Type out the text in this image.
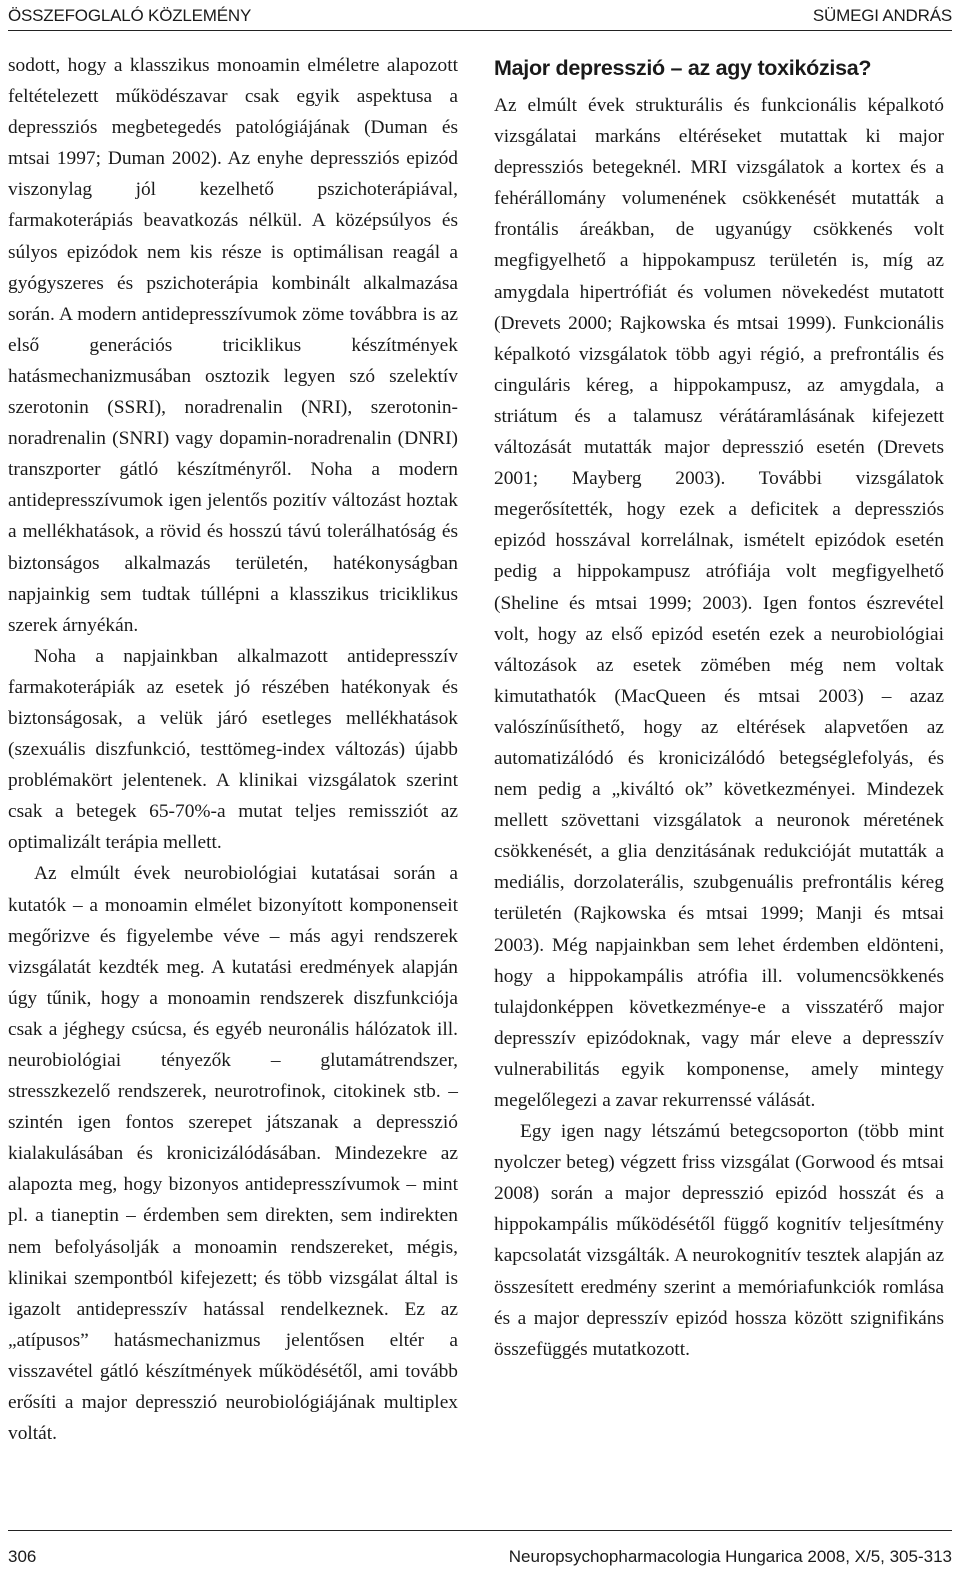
ÖSSZEFOGLALÓ KÖZLEMÉNY	SÜMEGI ANDRÁS

sodott, hogy a klasszikus monoamin elméletre alapozott feltételezett működészavar csak egyik aspektusa a depressziós megbetegedés patológiájának (Duman és mtsai 1997; Duman 2002). Az enyhe depressziós epizód viszonylag jól kezelhető pszichoterápiával, farmakoterápiás beavatkozás nélkül. A középsúlyos és súlyos epizódok nem kis része is optimálisan reagál a gyógyszeres és pszichoterápia kombinált alkalmazása során. A modern antidepresszívumok zöme továbbra is az első generációs triciklikus készítmények hatásmechanizmusában osztozik legyen szó szelektív szerotonin (SSRI), noradrenalin (NRI), szerotonin-noradrenalin (SNRI) vagy dopamin-noradrenalin (DNRI) transzporter gátló készítményről. Noha a modern antidepresszívumok igen jelentős pozitív változást hoztak a mellékhatások, a rövid és hosszú távú tolerálhatóság és biztonságos alkalmazás területén, hatékonyságban napjainkig sem tudtak túllépni a klasszikus triciklikus szerek árnyékán.

Noha a napjainkban alkalmazott antidepresszív farmakoterápiák az esetek jó részében hatékonyak és biztonságosak, a velük járó esetleges mellékhatások (szexuális diszfunkció, testtömeg-index változás) újabb problémakört jelentenek. A klinikai vizsgálatok szerint csak a betegek 65-70%-a mutat teljes remissziót az optimalizált terápia mellett.

Az elmúlt évek neurobiológiai kutatásai során a kutatók – a monoamin elmélet bizonyított komponenseit megőrizve és figyelembe véve – más agyi rendszerek vizsgálatát kezdték meg. A kutatási eredmények alapján úgy tűnik, hogy a monoamin rendszerek diszfunkciója csak a jéghegy csúcsa, és egyéb neuronális hálózatok ill. neurobiológiai tényezők – glutamátrendszer, stresszkezelő rendszerek, neurotrofinok, citokinek stb. – szintén igen fontos szerepet játszanak a depresszió kialakulásában és kronicizálódásában. Mindezekre az alapozta meg, hogy bizonyos antidepresszívumok – mint pl. a tianeptin – érdemben sem direkten, sem indirekten nem befolyásolják a monoamin rendszereket, mégis, klinikai szempontból kifejezett; és több vizsgálat által is igazolt antidepresszív hatással rendelkeznek. Ez az „atípusos” hatásmechanizmus jelentősen eltér a visszavétel gátló készítmények működésétől, ami tovább erősíti a major depresszió neurobiológiájának multiplex voltát.

Major depresszió – az agy toxikózisa?

Az elmúlt évek strukturális és funkcionális képalkotó vizsgálatai markáns eltéréseket mutattak ki major depressziós betegeknél. MRI vizsgálatok a kortex és a fehérállomány volumenének csökkenését mutatták a frontális áreákban, de ugyanúgy csökkenés volt megfigyelhető a hippokampusz területén is, míg az amygdala hipertrófiát és volumen növekedést mutatott (Drevets 2000; Rajkowska és mtsai 1999). Funkcionális képalkotó vizsgálatok több agyi régió, a prefrontális és cinguláris kéreg, a hippokampusz, az amygdala, a striátum és a talamusz vérátáramlásának kifejezett változását mutatták major depresszió esetén (Drevets 2001; Mayberg 2003). További vizsgálatok megerősítették, hogy ezek a deficitek a depressziós epizód hosszával korrelálnak, ismételt epizódok esetén pedig a hippokampusz atrófiája volt megfigyelhető (Sheline és mtsai 1999; 2003). Igen fontos észrevétel volt, hogy az első epizód esetén ezek a neurobiológiai változások az esetek zömében még nem voltak kimutathatók (MacQueen és mtsai 2003) – azaz valószínűsíthető, hogy az eltérések alapvetően az automatizálódó és kronicizálódó betegséglefolyás, és nem pedig a „kiváltó ok” következményei. Mindezek mellett szövettani vizsgálatok a neuronok méretének csökkenését, a glia denzitásának redukcióját mutatták a mediális, dorzolaterális, szubgenuális prefrontális kéreg területén (Rajkowska és mtsai 1999; Manji és mtsai 2003). Még napjainkban sem lehet érdemben eldönteni, hogy a hippokampális atrófia ill. volumencsökkenés tulajdonképpen következménye-e a visszatérő major depresszív epizódoknak, vagy már eleve a depresszív vulnerabilitás egyik komponense, amely mintegy megelőlegezi a zavar rekurrenssé válását.

Egy igen nagy létszámú betegcsoporton (több mint nyolczer beteg) végzett friss vizsgálat (Gorwood és mtsai 2008) során a major depresszió epizód hosszát és a hippokampális működésétől függő kognitív teljesítmény kapcsolatát vizsgálták. A neurokognitív tesztek alapján az összesített eredmény szerint a memóriafunkciók romlása és a major depresszív epizód hossza között szignifikáns összefüggés mutatkozott.

306	Neuropsychopharmacologia Hungarica 2008, X/5, 305-313
